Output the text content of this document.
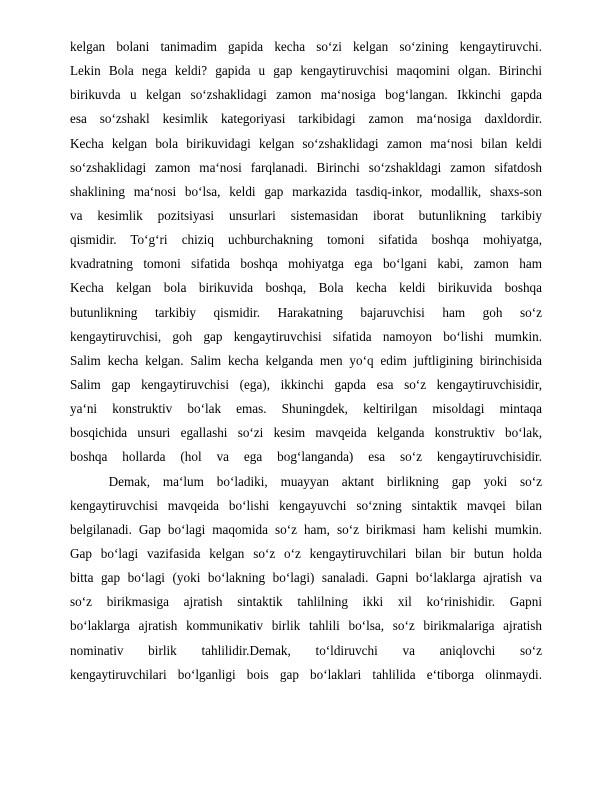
kelgan bolani tanimadim gapida kecha so‘zi kelgan so‘zining kengaytiruvchi.
Lekin Bola nega keldi? gapida u gap kengaytiruvchisi maqomini olgan. Birinchi
birikuvda u kelgan so‘zshaklidagi zamon ma‘nosiga bog‘langan. Ikkinchi gapda
esa so‘zshakl kesimlik kategoriyasi tarkibidagi zamon ma‘nosiga daxldordir.
Kecha kelgan bola birikuvidagi kelgan so‘zshaklidagi zamon ma‘nosi bilan keldi
so‘zshaklidagi zamon ma‘nosi farqlanadi. Birinchi so‘zshakldagi zamon sifatdosh
shaklining ma‘nosi bo‘lsa, keldi gap markazida tasdiq-inkor, modallik, shaxs-son
va kesimlik pozitsiyasi unsurlari sistemasidan iborat butunlikning tarkibiy
qismidir. To‘g‘ri chiziq uchburchakning tomoni sifatida boshqa mohiyatga,
kvadratning tomoni sifatida boshqa mohiyatga ega bo‘lgani kabi, zamon ham
Kecha kelgan bola birikuvida boshqa, Bola kecha keldi birikuvida boshqa
butunlikning tarkibiy qismidir. Harakatning bajaruvchisi ham goh so‘z
kengaytiruvchisi, goh gap kengaytiruvchisi sifatida namoyon bo‘lishi mumkin.
Salim kecha kelgan. Salim kecha kelganda men yo‘q edim juftligining birinchisida
Salim gap kengaytiruvchisi (ega), ikkinchi gapda esa so‘z kengaytiruvchisidir,
ya‘ni konstruktiv bo‘lak emas. Shuningdek, keltirilgan misoldagi mintaqa
bosqichida unsuri egallashi so‘zi kesim mavqeida kelganda konstruktiv bo‘lak,
boshqa hollarda (hol va ega bog‘langanda) esa so‘z kengaytiruvchisidir.
Demak, ma‘lum bo‘ladiki, muayyan aktant birlikning gap yoki so‘z
kengaytiruvchisi mavqeida bo‘lishi kengayuvchi so‘zning sintaktik mavqei bilan
belgilanadi. Gap bo‘lagi maqomida so‘z ham, so‘z birikmasi ham kelishi mumkin.
Gap bo‘lagi vazifasida kelgan so‘z o‘z kengaytiruvchilari bilan bir butun holda
bitta gap bo‘lagi (yoki bo‘lakning bo‘lagi) sanaladi. Gapni bo‘laklarga ajratish va
so‘z birikmasiga ajratish sintaktik tahlilning ikki xil ko‘rinishidir. Gapni
bo‘laklarga ajratish kommunikativ birlik tahlili bo‘lsa, so‘z birikmalariga ajratish
nominativ birlik tahlilidir.Demak, to‘ldiruvchi va aniqlovchi so‘z
kengaytiruvchilari bo‘lganligi bois gap bo‘laklari tahlilida e‘tiborga olinmaydi.
